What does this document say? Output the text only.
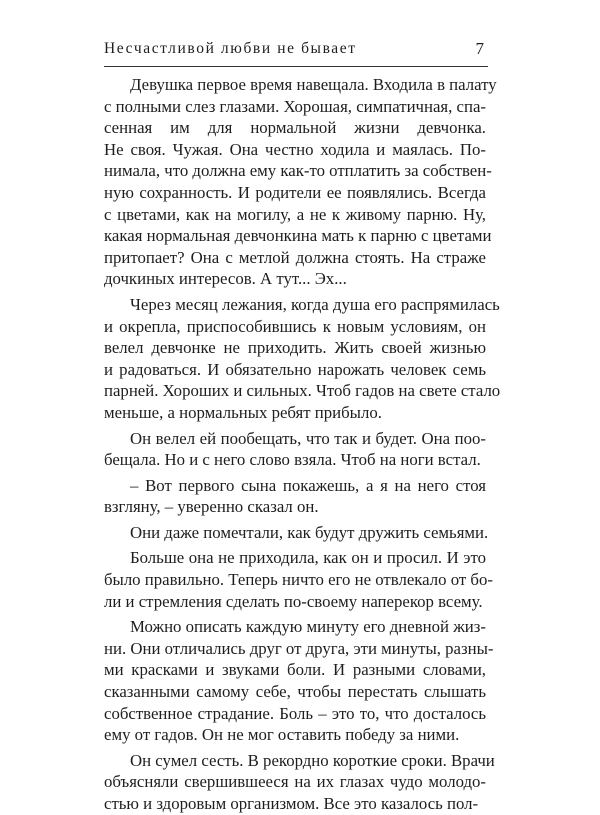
Несчастливой любви не бывает	7

Девушка первое время навещала. Входила в палату
с полными слез глазами. Хорошая, симпатичная, спа-
сенная им для нормальной жизни девчонка.
Не своя. Чужая. Она честно ходила и маялась. По-
нимала, что должна ему как-то отплатить за собствен-
ную сохранность. И родители ее появлялись. Всегда
с цветами, как на могилу, а не к живому парню. Ну,
какая нормальная девчонкина мать к парню с цветами
притопает? Она с метлой должна стоять. На страже
дочкиных интересов. А тут... Эх...

Через месяц лежания, когда душа его распрямилась
и окрепла, приспособившись к новым условиям, он
велел девчонке не приходить. Жить своей жизнью
и радоваться. И обязательно нарожать человек семь
парней. Хороших и сильных. Чтоб гадов на свете стало
меньше, а нормальных ребят прибыло.

Он велел ей пообещать, что так и будет. Она поо-
бещала. Но и с него слово взяла. Чтоб на ноги встал.

– Вот первого сына покажешь, а я на него стоя
взгляну, – уверенно сказал он.

Они даже помечтали, как будут дружить семьями.

Больше она не приходила, как он и просил. И это
было правильно. Теперь ничто его не отвлекало от бо-
ли и стремления сделать по-своему наперекор всему.

Можно описать каждую минуту его дневной жиз-
ни. Они отличались друг от друга, эти минуты, разны-
ми красками и звуками боли. И разными словами,
сказанными самому себе, чтобы перестать слышать
собственное страдание. Боль – это то, что досталось
ему от гадов. Он не мог оставить победу за ними.

Он сумел сесть. В рекордно короткие сроки. Врачи
объясняли свершившееся на их глазах чудо молодо-
стью и здоровым организмом. Все это казалось пол-
